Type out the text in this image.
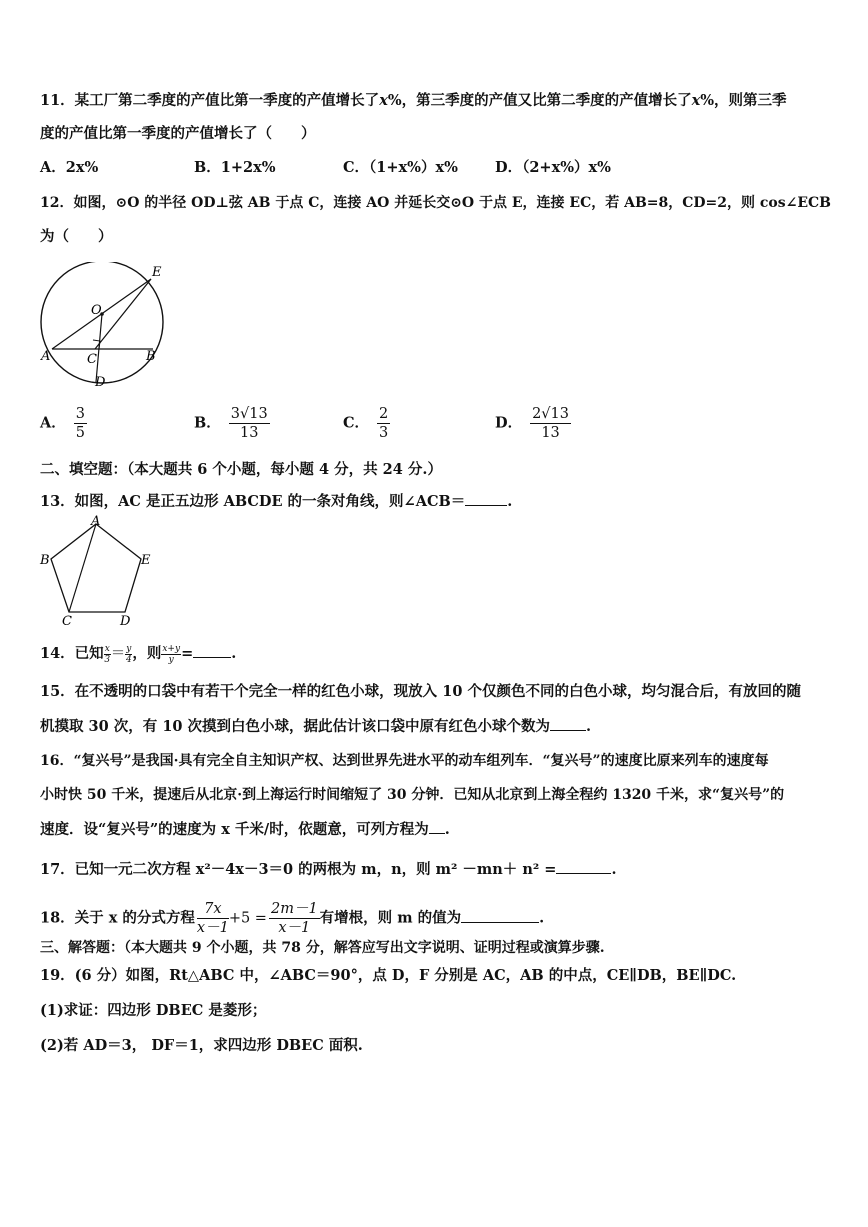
11．某工厂第二季度的产值比第一季度的产值增长了x%，第三季度的产值又比第二季度的产值增长了x%，则第三季
度的产值比第一季度的产值增长了（　　）
A．2x%	B．1+2x%	C．（1+x%）x%	D．（2+x%）x%
12．如图，⊙O 的半径 OD⊥弦 AB 于点 C，连接 AO 并延长交⊙O 于点 E，连接 EC，若 AB=8，CD=2，则 cos∠ECB
为（　　）
E
O
A	C	B
D
A． $\frac{3}{5}$	B． $\frac{3√13}{13}$	C． $\frac{2}{3}$	D． $\frac{2√13}{13}$
二、填空题：（本大题共 6 个小题，每小题 4 分，共 24 分.）
13．如图，AC 是正五边形 ABCDE 的一条对角线，则∠ACB＝	.
A
B	E
C	D
14．已知 $\frac{x}{3} = \frac{y}{4}$ ，则 $\frac{x+y}{y}$ =	.
15．在不透明的口袋中有若干个完全一样的红色小球，现放入 10 个仅颜色不同的白色小球，均匀混合后，有放回的随
机摸取 30 次，有 10 次摸到白色小球，据此估计该口袋中原有红色小球个数为 .
16．“复兴号”是我国·具有完全自主知识产权、达到世界先进水平的动车组列车．“复兴号”的速度比原来列车的速度每
小时快 50 千米，提速后从北京·到上海运行时间缩短了 30 分钟．已知从北京到上海全程约 1320 千米，求“复兴号”的
速度．设“复兴号”的速度为 x 千米/时，依题意，可列方程为 .
17．已知一元二次方程 x²－4x－3＝0 的两根为 m，n，则 m² －mn＋ n² =	.
18．关于 x 的分式方程 $\frac{7x}{x-1} +5 = \frac{2m-1}{x-1}$ 有增根，则 m 的值为	.
三、解答题：（本大题共 9 个小题，共 78 分，解答应写出文字说明、证明过程或演算步骤.
19．(6 分）如图，Rt△ABC 中，∠ABC＝90°，点 D，F 分别是 AC，AB 的中点，CE∥DB，BE∥DC.
(1)求证：四边形 DBEC 是菱形；
(2)若 AD＝3， DF＝1，求四边形 DBEC 面积.
